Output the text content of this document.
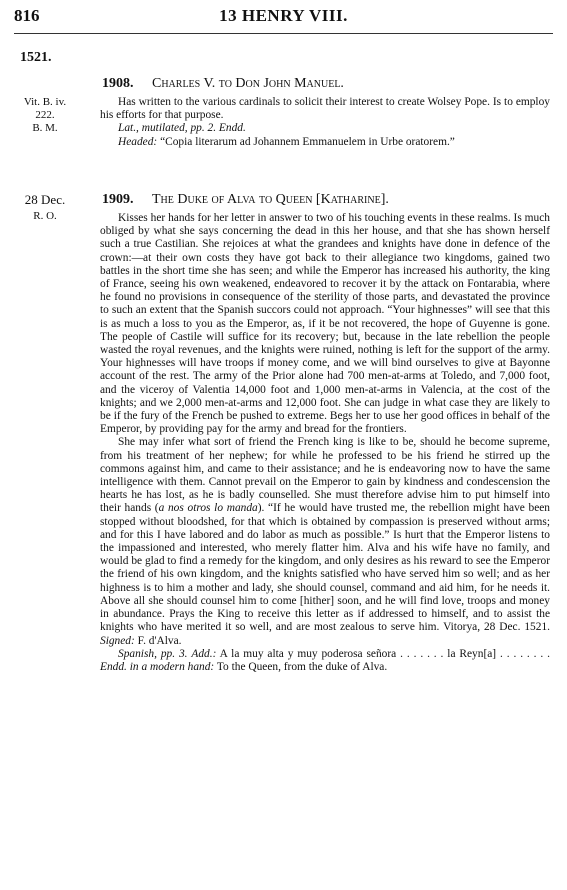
13 HENRY VIII.
816
1521.
1908. Charles V. to Don John Manuel.
Vit. B. iv.
222.
B. M.

Has written to the various cardinals to solicit their interest to create Wolsey Pope. Is to employ his efforts for that purpose.

Lat., mutilated, pp. 2. Endd.

Headed: “Copia literarum ad Johannem Emmanuelem in Urbe oratorem.”

28 Dec.
R. O.
1909. The Duke of Alva to Queen [Katharine].

Kisses her hands for her letter in answer to two of his touching events in these realms. Is much obliged by what she says concerning the dead in this her house, and that she has shown herself such a true Castilian. She rejoices at what the grandees and knights have done in defence of the crown:—at their own costs they have got back to their allegiance two kingdoms, gained two battles in the short time she has seen; and while the Emperor has increased his authority, the king of France, seeing his own weakened, endeavored to recover it by the attack on Fontarabia, where he found no provisions in consequence of the sterility of those parts, and devastated the province to such an extent that the Spanish succors could not approach. “Your highnesses” will see that this is as much a loss to you as the Emperor, as, if it be not recovered, the hope of Guyenne is gone. The people of Castile will suffice for its recovery; but, because in the late rebellion the people wasted the royal revenues, and the knights were ruined, nothing is left for the support of the army. Your highnesses will have troops if money come, and we will bind ourselves to give at Bayonne account of the rest. The army of the Prior alone had 700 men-at-arms at Toledo, and 7,000 foot, and the viceroy of Valentia 14,000 foot and 1,000 men-at-arms in Valencia, at the cost of the knights; and we 2,000 men-at-arms and 12,000 foot. She can judge in what case they are likely to be if the fury of the French be pushed to extreme. Begs her to use her good offices in behalf of the Emperor, by providing pay for the army and bread for the frontiers.

She may infer what sort of friend the French king is like to be, should he become supreme, from his treatment of her nephew; for while he professed to be his friend he stirred up the commons against him, and came to their assistance; and he is endeavoring now to have the same intelligence with them. Cannot prevail on the Emperor to gain by kindness and condescension the hearts he has lost, as he is badly counselled. She must therefore advise him to put himself into their hands (a nos otros lo manda). “If he would have trusted me, the rebellion might have been stopped without bloodshed, for that which is obtained by compassion is preserved without arms; and for this I have labored and do labor as much as possible.” Is hurt that the Emperor listens to the impassioned and interested, who merely flatter him. Alva and his wife have no family, and would be glad to find a remedy for the kingdom, and only desires as his reward to see the Emperor the friend of his own kingdom, and the knights satisfied who have served him so well; and as her highness is to him a mother and lady, she should counsel, command and aid him, for he needs it. Above all she should counsel him to come [hither] soon, and he will find love, troops and money in abundance. Prays the King to receive this letter as if addressed to himself, and to assist the knights who have merited it so well, and are most zealous to serve him. Vitorya, 28 Dec. 1521. Signed: F. d'Alva.

Spanish, pp. 3. Add.: A la muy alta y muy poderosa señora . . . . . . . la Reyn[a] . . . . . . . . Endd. in a modern hand: To the Queen, from the duke of Alva.
